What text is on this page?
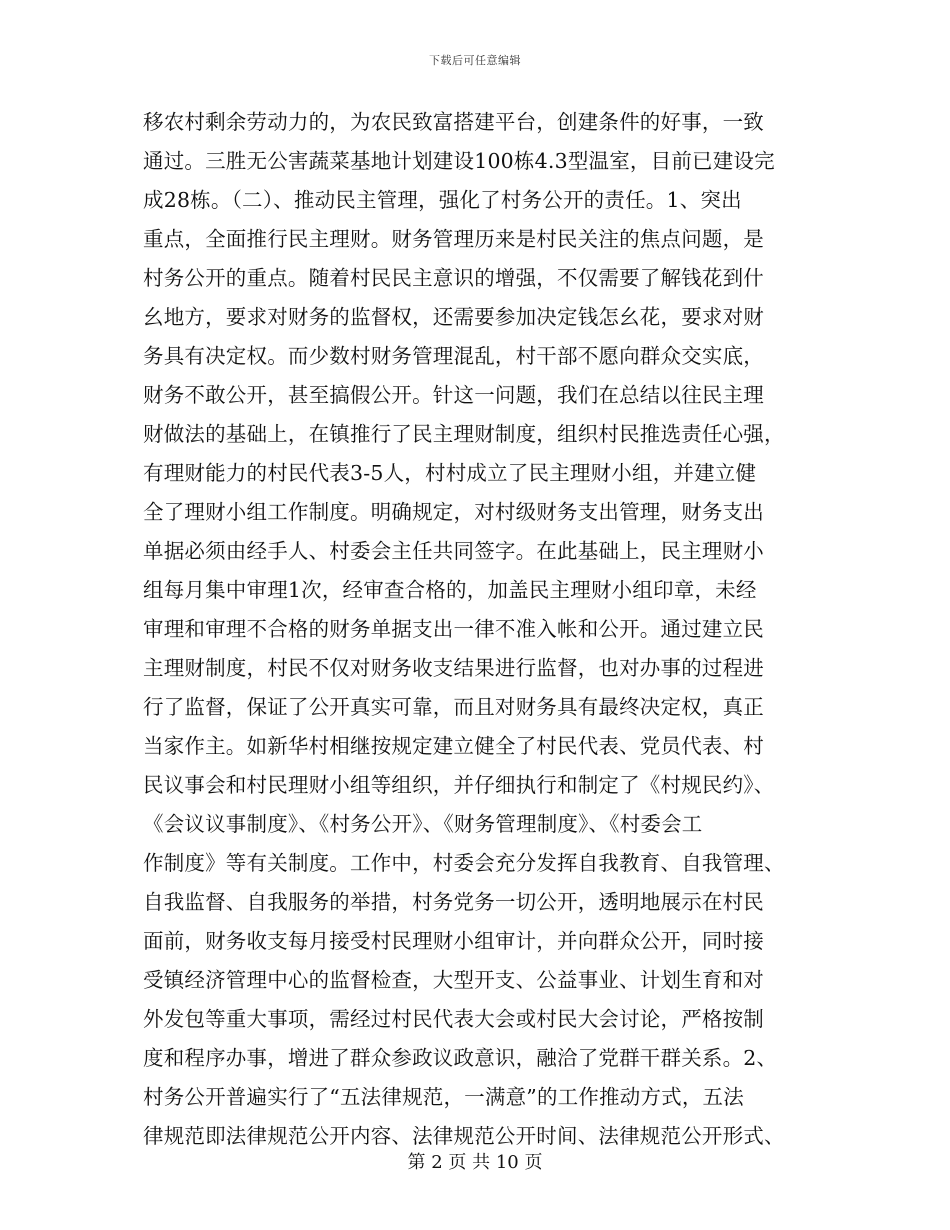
下载后可任意编辑
移农村剩余劳动力的，为农民致富搭建平台，创建条件的好事，一致
通过。三胜无公害蔬菜基地计划建设100栋4.3型温室，目前已建设完
成28栋。（二）、推动民主管理，强化了村务公开的责任。1、突出
重点，全面推行民主理财。财务管理历来是村民关注的焦点问题，是
村务公开的重点。随着村民民主意识的增强，不仅需要了解钱花到什
幺地方，要求对财务的监督权，还需要参加决定钱怎幺花，要求对财
务具有决定权。而少数村财务管理混乱，村干部不愿向群众交实底，
财务不敢公开，甚至搞假公开。针这一问题，我们在总结以往民主理
财做法的基础上，在镇推行了民主理财制度，组织村民推选责任心强，
有理财能力的村民代表3-5人，村村成立了民主理财小组，并建立健
全了理财小组工作制度。明确规定，对村级财务支出管理，财务支出
单据必须由经手人、村委会主任共同签字。在此基础上，民主理财小
组每月集中审理1次，经审查合格的，加盖民主理财小组印章，未经
审理和审理不合格的财务单据支出一律不准入帐和公开。通过建立民
主理财制度，村民不仅对财务收支结果进行监督，也对办事的过程进
行了监督，保证了公开真实可靠，而且对财务具有最终决定权，真正
当家作主。如新华村相继按规定建立健全了村民代表、党员代表、村
民议事会和村民理财小组等组织，并仔细执行和制定了《村规民约》、
《会议议事制度》、《村务公开》、《财务管理制度》、《村委会工
作制度》等有关制度。工作中，村委会充分发挥自我教育、自我管理、
自我监督、自我服务的举措，村务党务一切公开，透明地展示在村民
面前，财务收支每月接受村民理财小组审计，并向群众公开，同时接
受镇经济管理中心的监督检查，大型开支、公益事业、计划生育和对
外发包等重大事项，需经过村民代表大会或村民大会讨论，严格按制
度和程序办事，增进了群众参政议政意识，融洽了党群干群关系。2、
村务公开普遍实行了“五法律规范，一满意”的工作推动方式，五法
律规范即法律规范公开内容、法律规范公开时间、法律规范公开形式、
第 2 页 共 10 页
